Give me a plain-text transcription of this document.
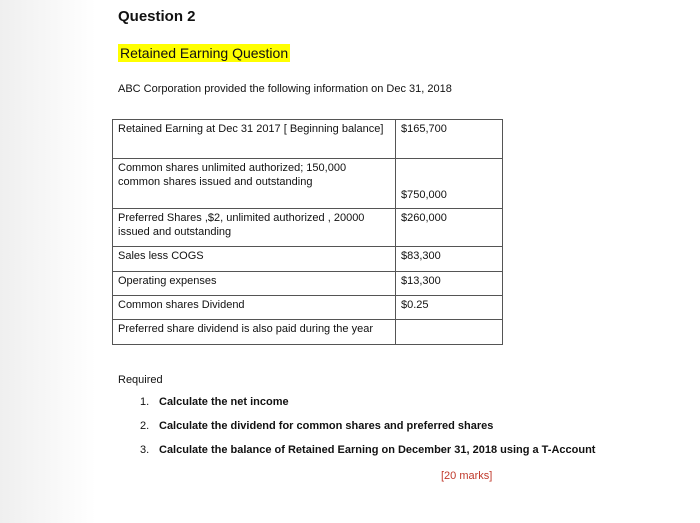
Question 2
Retained Earning Question
ABC Corporation provided the following information on Dec 31, 2018
Retained Earning at Dec 31 2017 [ Beginning balance]	$165,700
Common shares unlimited authorized; 150,000 common shares issued and outstanding	$750,000
Preferred Shares ,$2, unlimited authorized , 20000 issued and outstanding	$260,000
Sales less COGS	$83,300
Operating expenses	$13,300
Common shares Dividend	$0.25
Preferred share dividend is also paid during the year	
Required
1. Calculate the net income
2. Calculate the dividend for common shares and preferred shares
3. Calculate the balance of Retained Earning on December 31, 2018 using a T-Account
[20 marks]
